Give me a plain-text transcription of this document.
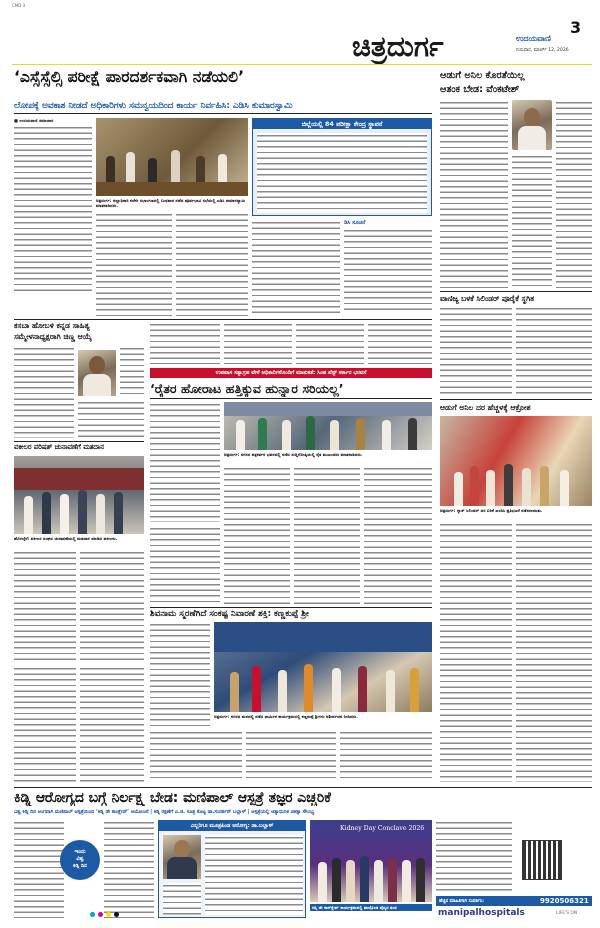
CMD 3
ಚಿತ್ರದುರ್ಗ
3
ಉದಯವಾಣಿ
ಗುರುವಾರ, ಮಾರ್ಚ್ 12, 2026
‘ಎಸ್ಸೆಸ್ಸೆಲ್ಸಿ ಪರೀಕ್ಷೆ ಪಾರದರ್ಶಕವಾಗಿ ನಡೆಯಲಿ’
ಲೋಪಕ್ಕೆ ಅವಕಾಶ ನೀಡದೆ ಅಧಿಕಾರಿಗಳು ಸಮನ್ವಯದಿಂದ ಕಾರ್ಯ ನಿರ್ವಹಿಸಿ: ಎಡಿಸಿ ಕುಮಾರಸ್ವಾಮಿ
■ ಉದಯವಾಣಿ ಸಮಾಚಾರ
ಚಿತ್ರದುರ್ಗ: ಜಿಲ್ಲಾಧಿಕಾರಿ ಕಚೇರಿ ಸಭಾಂಗಣದಲ್ಲಿ ಬುಧವಾರ ನಡೆದ ಪೂರ್ವಭಾವಿ ಸಭೆಯಲ್ಲಿ ಎಡಿಸಿ ಕುಮಾರಸ್ವಾಮಿ ಮಾತನಾಡಿದರು.
ಜಿಲ್ಲೆಯಲ್ಲಿ 84 ಪರೀಕ್ಷಾ ಕೇಂದ್ರ ಸ್ಥಾಪನೆ
ಡಿಸಿ ಸೂಚನೆ
ಆಡುಗೆ ಅನಿಲ ಕೊರತೆಯಿಲ್ಲ
ಆತಂಕ ಬೇಡ: ವೆಂಕಟೇಶ್
ವಾಣಿಜ್ಯ ಬಳಕೆ ಸಿಲಿಂಡರ್ ಪೂರೈಕೆ ಸ್ಥಗಿತ
ಆಡುಗೆ ಅನಿಲ ದರ ಹೆಚ್ಚಳಕ್ಕೆ ಆಕ್ರೋಶ
ಚಿತ್ರದುರ್ಗ: ಗ್ಯಾಸ್ ಸಿಲಿಂಡರ್ ದರ ಏರಿಕೆ ಖಂಡಿಸಿ ಪ್ರತಿಭಟನೆ ನಡೆಸಲಾಯಿತು.
ಕಸಬಾ ಹೋಬಳಿ ಕನ್ನಡ ಸಾಹಿತ್ಯ
ಸಮ್ಮೇಳನಾಧ್ಯಕ್ಷರಾಗಿ ಚಿಣ್ಣ ಆಯ್ಕೆ
ವಕೀಲರ ಪರಿಷತ್ ಚುನಾವಣೆಗೆ ಮತದಾನ
ಹೊಳಲ್ಕೆರೆ: ವಕೀಲರ ಸಂಘದ ಚುನಾವಣೆಯಲ್ಲಿ ಮತದಾನ ಮಾಡಿದ ವಕೀಲರು.
ಉಪವಾಸ ಸತ್ಯಾಗ್ರಹ ವೇಳೆ ಅಧಿಕಾರಿಗಳೊಂದಿಗೆ ಮಾತುಕತೆ: ಸಿಂಹ ಪೆಸ್ಟ್ ಸರ್ಕಾರ ಭರವಸೆ
‘ರೈತರ ಹೋರಾಟ ಹತ್ತಿಕ್ಕುವ ಹುನ್ನಾರ ಸರಿಯಲ್ಲ’
ಚಿತ್ರದುರ್ಗ: ನಗರದ ಪತ್ರಕರ್ತರ ಭವನದಲ್ಲಿ ನಡೆದ ಸುದ್ದಿಗೋಷ್ಠಿಯಲ್ಲಿ ರೈತ ಮುಖಂಡರು ಮಾತನಾಡಿದರು.
ಶಿವನಾಮ ಸ್ಮರಣೆಗಿದೆ ಸಂಕಷ್ಟ ನಿವಾರಣೆ ಶಕ್ತಿ: ಕಣ್ಣಕುಪ್ಪೆ ಶ್ರೀ
ಚಿತ್ರದುರ್ಗ: ನಗರದ ಮಠದಲ್ಲಿ ನಡೆದ ಧಾರ್ಮಿಕ ಕಾರ್ಯಕ್ರಮದಲ್ಲಿ ಕಣ್ಣಕುಪ್ಪೆ ಶ್ರೀಗಳು ಆಶೀರ್ವಚನ ನೀಡಿದರು.
ಕಿಡ್ನಿ ಆರೋಗ್ಯದ ಬಗ್ಗೆ ನಿರ್ಲಕ್ಷ್ಯ ಬೇಡ: ಮಣಿಪಾಲ್ ಆಸ್ಪತ್ರೆ ತಜ್ಞರ ಎಚ್ಚರಿಕೆ
ವಿಶ್ವ ಕಿಡ್ನಿ ದಿನ ಅಂಗವಾಗಿ ಮಣಿಪಾಲ್ ಆಸ್ಪತ್ರೆಯಿಂದ ‘ಕಿಡ್ನಿ ಡೇ ಕಾಂಕ್ಲೇವ್’ ಆಯೋಜನೆ | ಕಿಡ್ನಿ ರಕ್ಷಣೆಗೆ ಎ.ಜಿ. ಸೂತ್ರ ಕೊಟ್ಟ ಡಾ.ಸುದರ್ಶನ್ ಬಲ್ಲಾಳ್ | ಆಸ್ಪತ್ರೆಯಲ್ಲಿ ಆತ್ಯಾಧುನಿಕ ಚಿಕಿತ್ಸಾ ಸೌಲಭ್ಯ
ಇಂದು
ವಿಶ್ವ
ಕಿಡ್ನಿ ದಿನ
ಎಲ್ಲರಿಗೂ ಮೂತ್ರಪಿಂಡ ಆರೋಗ್ಯ: ಡಾ.ಬಲ್ಲಾಳ್	Kidney Day Conclave 2026
ಕಿಡ್ನಿ ಡೇ ಕಾನ್‌ಕ್ಲೇವ್ ಕಾರ್ಯಕ್ರಮದಲ್ಲಿ ಪಾಲ್ಗೊಂಡ ವೈದ್ಯರ ತಂಡ
ಹೆಚ್ಚಿನ ಮಾಹಿತಿಗಾಗಿ ಸಂಪರ್ಕಿಸಿ:	9920506321
manipalhospitals	LIFE'S ON
